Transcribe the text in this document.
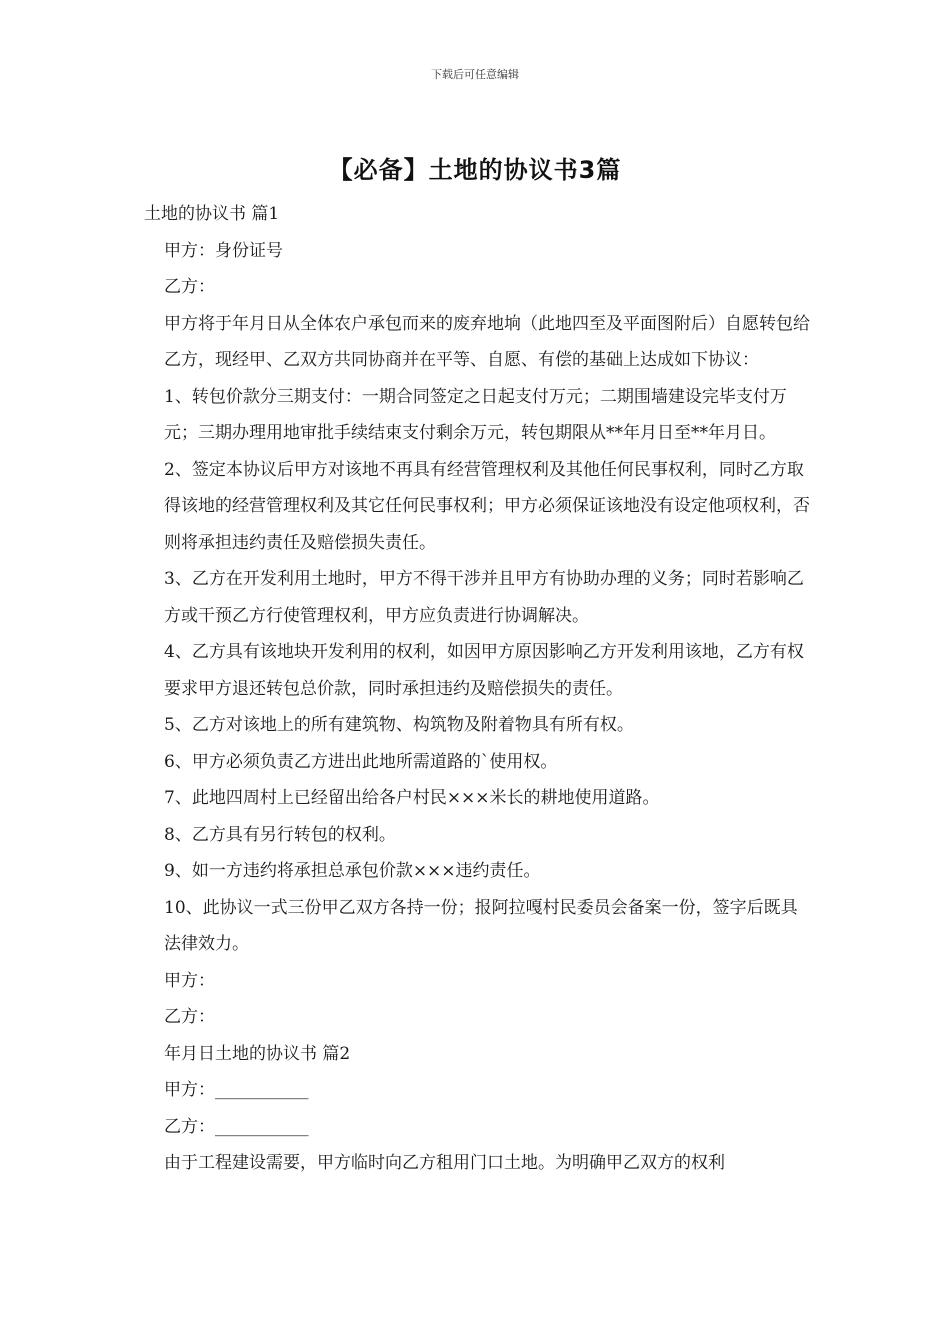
下载后可任意编辑
【必备】土地的协议书3篇

土地的协议书 篇1

甲方：身份证号

乙方：

甲方将于年月日从全体农户承包而来的废弃地垧（此地四至及平面图附后）自愿转包给乙方，现经甲、乙双方共同协商并在平等、自愿、有偿的基础上达成如下协议：

1、转包价款分三期支付：一期合同签定之日起支付万元；二期围墙建设完毕支付万元；三期办理用地审批手续结束支付剩余万元，转包期限从**年月日至**年月日。

2、签定本协议后甲方对该地不再具有经营管理权利及其他任何民事权利，同时乙方取得该地的经营管理权利及其它任何民事权利；甲方必须保证该地没有设定他项权利，否则将承担违约责任及赔偿损失责任。

3、乙方在开发利用土地时，甲方不得干涉并且甲方有协助办理的义务；同时若影响乙方或干预乙方行使管理权利，甲方应负责进行协调解决。

4、乙方具有该地块开发利用的权利，如因甲方原因影响乙方开发利用该地，乙方有权要求甲方退还转包总价款，同时承担违约及赔偿损失的责任。

5、乙方对该地上的所有建筑物、构筑物及附着物具有所有权。

6、甲方必须负责乙方进出此地所需道路的`使用权。

7、此地四周村上已经留出给各户村民×××米长的耕地使用道路。

8、乙方具有另行转包的权利。

9、如一方违约将承担总承包价款×××违约责任。

10、此协议一式三份甲乙双方各持一份；报阿拉嘎村民委员会备案一份，签字后既具法律效力。

甲方：

乙方：

年月日土地的协议书 篇2

甲方：___________

乙方：___________

由于工程建设需要，甲方临时向乙方租用门口土地。为明确甲乙双方的权利
